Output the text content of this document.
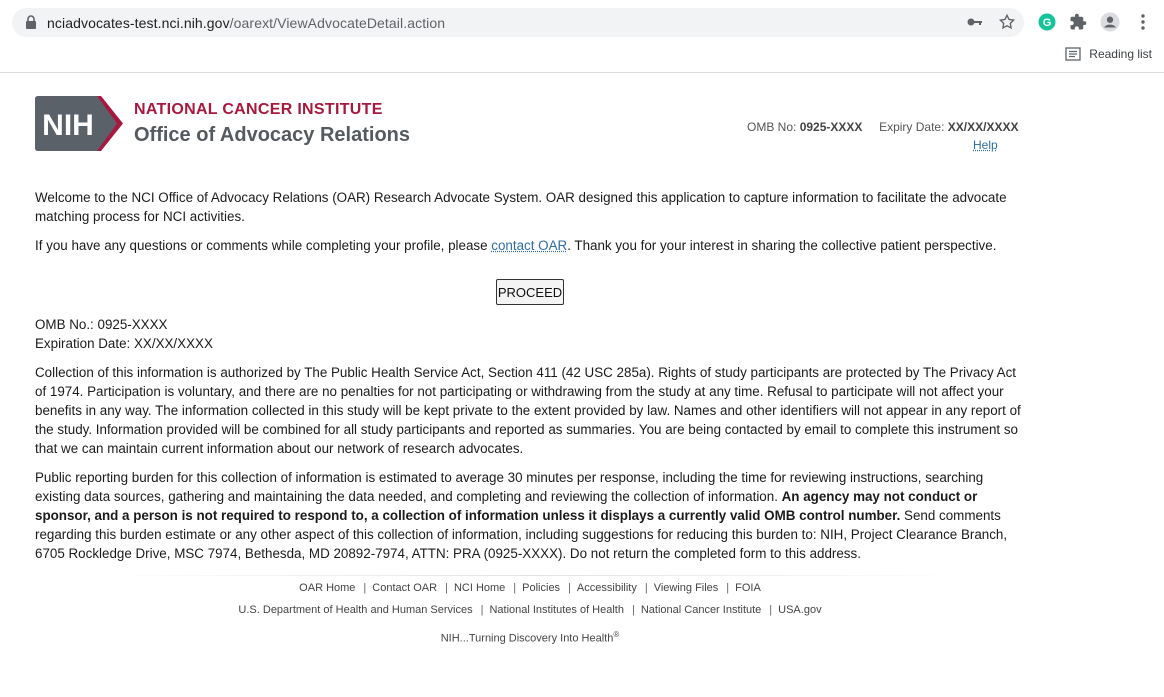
nciadvocates-test.nci.nih.gov/oarext/ViewAdvocateDetail.action	G
Reading list
NIH	NATIONAL CANCER INSTITUTE
Office of Advocacy Relations	OMB No: 0925-XXXX Expiry Date: XX/XX/XXXX
Help

Welcome to the NCI Office of Advocacy Relations (OAR) Research Advocate System. OAR designed this application to capture information to facilitate the advocate matching process for NCI activities.

If you have any questions or comments while completing your profile, please contact OAR. Thank you for your interest in sharing the collective patient perspective.

PROCEED
OMB No.: 0925-XXXX
Expiration Date: XX/XX/XXXX

Collection of this information is authorized by The Public Health Service Act, Section 411 (42 USC 285a). Rights of study participants are protected by The Privacy Act of 1974. Participation is voluntary, and there are no penalties for not participating or withdrawing from the study at any time. Refusal to participate will not affect your benefits in any way. The information collected in this study will be kept private to the extent provided by law. Names and other identifiers will not appear in any report of the study. Information provided will be combined for all study participants and reported as summaries. You are being contacted by email to complete this instrument so that we can maintain current information about our network of research advocates.

Public reporting burden for this collection of information is estimated to average 30 minutes per response, including the time for reviewing instructions, searching existing data sources, gathering and maintaining the data needed, and completing and reviewing the collection of information. An agency may not conduct or sponsor, and a person is not required to respond to, a collection of information unless it displays a currently valid OMB control number. Send comments regarding this burden estimate or any other aspect of this collection of information, including suggestions for reducing this burden to: NIH, Project Clearance Branch, 6705 Rockledge Drive, MSC 7974, Bethesda, MD 20892-7974, ATTN: PRA (0925-XXXX). Do not return the completed form to this address.

OAR Home | Contact OAR | NCI Home | Policies | Accessibility | Viewing Files | FOIA
U.S. Department of Health and Human Services | National Institutes of Health | National Cancer Institute | USA.gov
NIH...Turning Discovery Into Health®
